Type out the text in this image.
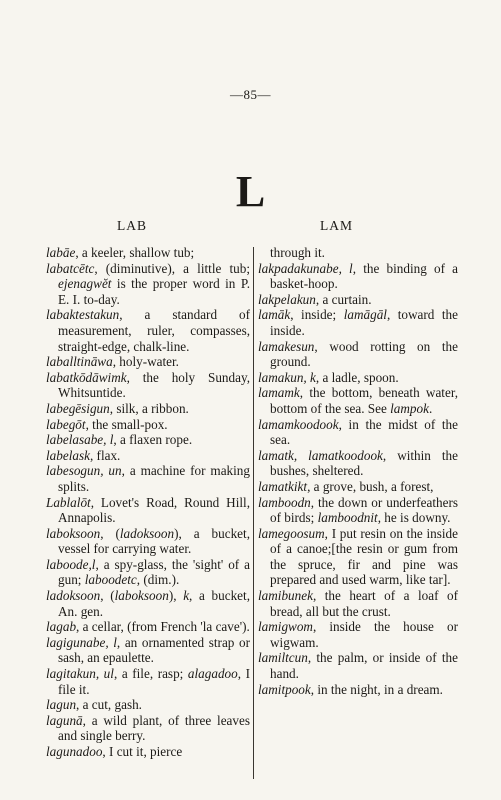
—85—
L
LAB	LAM
labāe, a keeler, shallow tub;
labatcētc, (diminutive), a little tub; ejenagwĕt is the proper word in P. E. I. to-day.
labaktestakun, a standard of measurement, ruler, compasses, straight-edge, chalk-line.
laballtināwa, holy-water.
labatkōdāwimk, the holy Sunday, Whitsuntide.
labegēsigun, silk, a ribbon.
labegōt, the small-pox.
labelasabe, l, a flaxen rope.
labelask, flax.
labesogun, un, a machine for making splits.
Lablalōt, Lovet's Road, Round Hill, Annapolis.
laboksoon, (ladoksoon), a bucket, vessel for carrying water.
laboode,l, a spy-glass, the 'sight' of a gun; laboodetc, (dim.).
ladoksoon, (laboksoon), k, a bucket, An. gen.
lagab, a cellar, (from French 'la cave').
lagigunabe, l, an ornamented strap or sash, an epaulette.
lagitakun, ul, a file, rasp; alagadoo, I file it.
lagun, a cut, gash.
lagunā, a wild plant, of three leaves and single berry.
lagunadoo, I cut it, pierce
through it.
lakpadakunabe, l, the binding of a basket-hoop.
lakpelakun, a curtain.
lamāk, inside; lamāgāl, toward the inside.
lamakesun, wood rotting on the ground.
lamakun, k, a ladle, spoon.
lamamk, the bottom, beneath water, bottom of the sea. See lampok.
lamamkoodook, in the midst of the sea.
lamatk, lamatkoodook, within the bushes, sheltered.
lamatkikt, a grove, bush, a forest,
lamboodn, the down or underfeathers of birds; lamboodnit, he is downy.
lamegoosum, I put resin on the inside of a canoe;[the resin or gum from the spruce, fir and pine was prepared and used warm, like tar].
lamibunek, the heart of a loaf of bread, all but the crust.
lamigwom, inside the house or wigwam.
lamiltcun, the palm, or inside of the hand.
lamitpook, in the night, in a dream.
